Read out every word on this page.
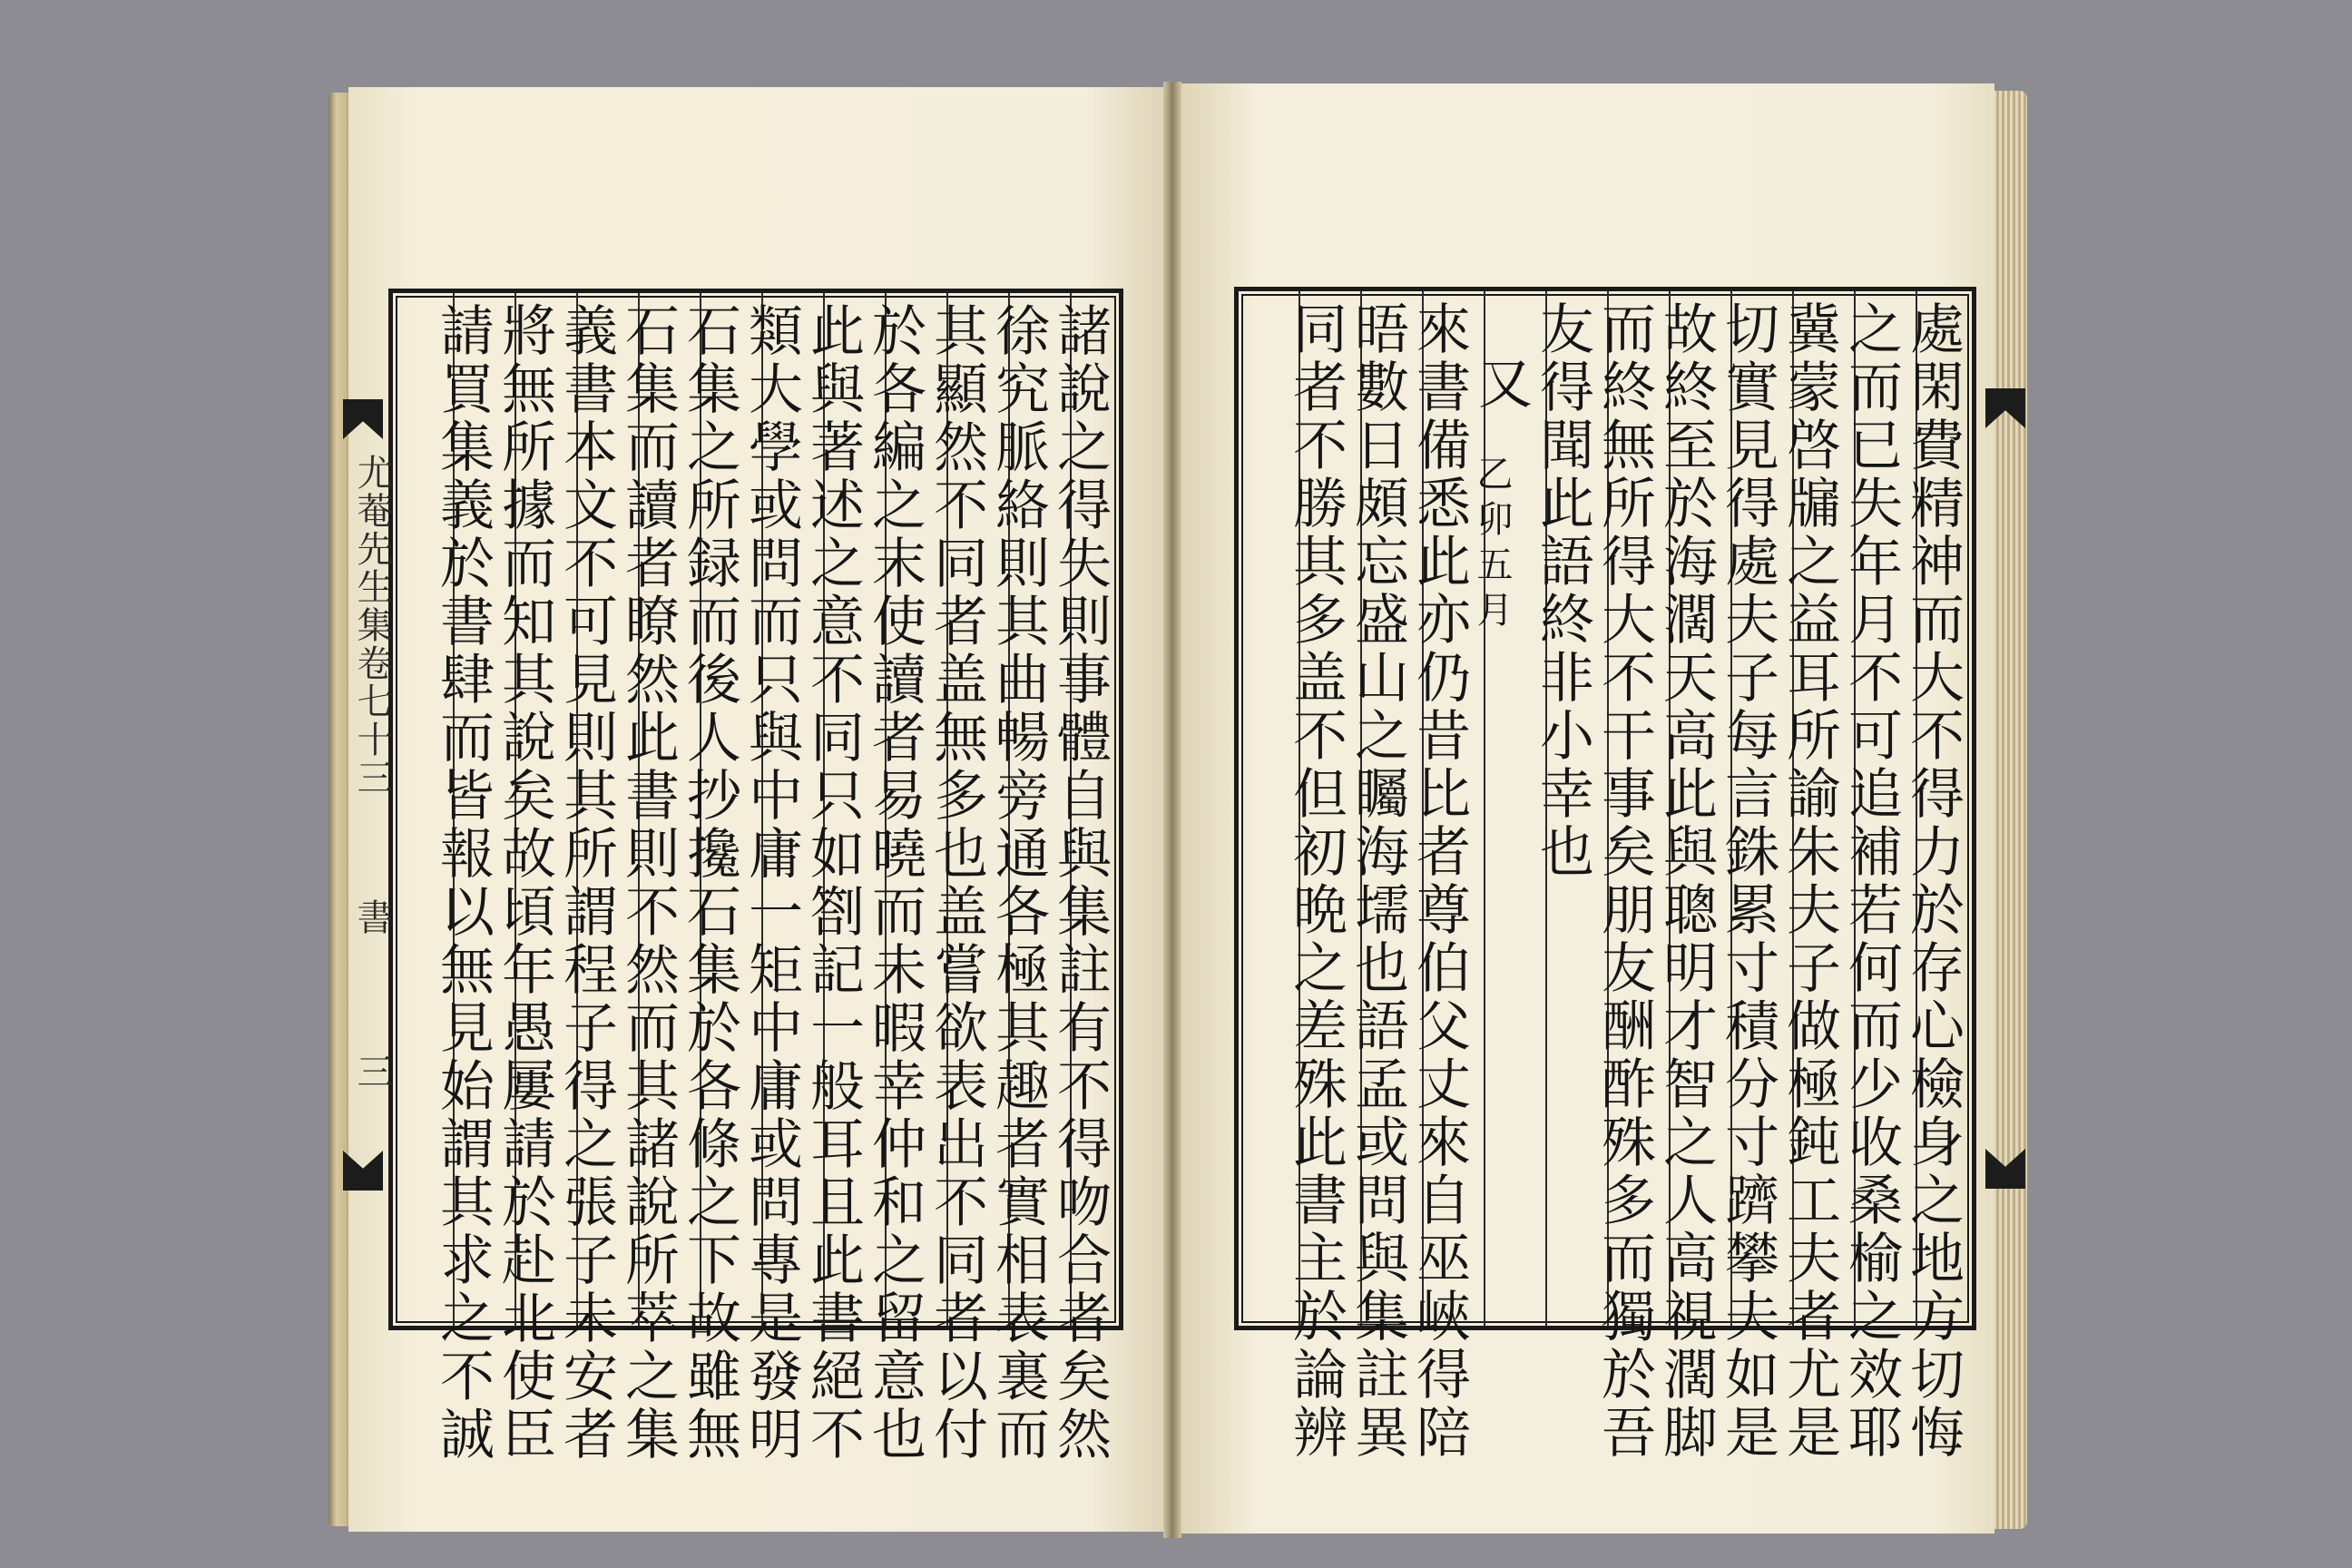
諸說之得失則事體自與集註有不得吻合者矣然
徐究脈絡則其曲暢旁通各極其趣者實相表裏而
其顯然不同者盖無多也盖嘗欲表出不同者以付
於各編之末使讀者易曉而未暇幸仲和之留意也
此與著述之意不同只如劄記一般耳且此書絕不
類大學或問而只與中庸一矩中庸或問專是發明
石集之所録而後人抄攙石集於各條之下故雖無
石集而讀者瞭然此書則不然而其諸說所萃之集
義書本文不可見則其所謂程子得之張子未安者
將無所據而知其說矣故頃年愚屢請於赴北使臣
請買集義於書肆而皆報以無見始謂其求之不誠
尤菴先生集卷七十三
書
三	處閑費精神而大不得力於存心檢身之地方切悔
之而已失年月不可追補若何而少收桑榆之效耶
冀蒙啓牖之益耳所諭朱夫子做極鈍工夫者尤是
切實見得處夫子每言銖累寸積分寸躋攀夫如是
故終至於海濶天高此與聰明才智之人高視濶脚
而終無所得大不干事矣朋友酬酢殊多而獨於吾
友得聞此語終非小幸也
又
乙卯五月
來書備悉此亦仍昔比者尊伯父丈來自巫峽得陪
晤數日頗忘盛山之矚海壖也語孟或問與集註異
同者不勝其多盖不但初晩之差殊此書主於論辨
